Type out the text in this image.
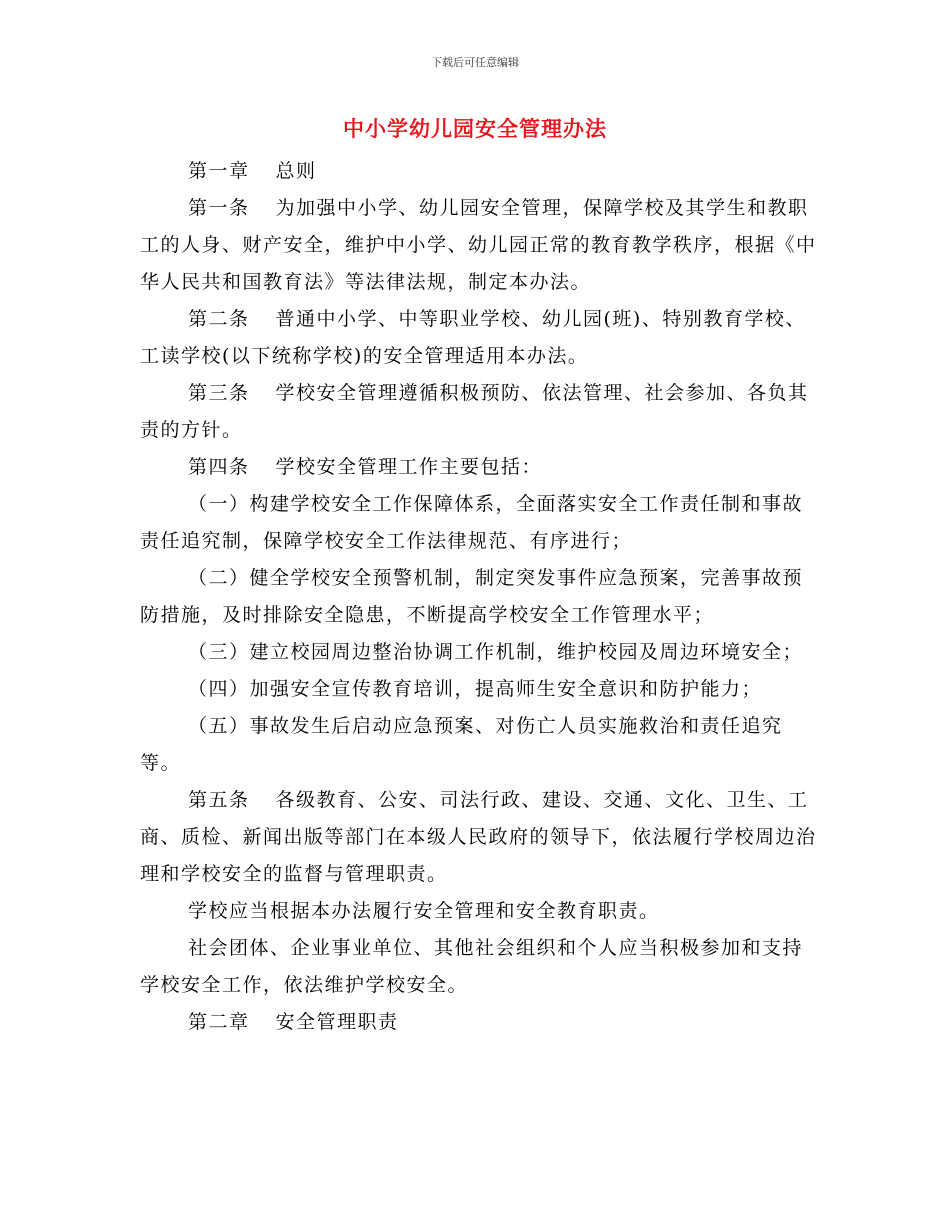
下载后可任意编辑
中小学幼儿园安全管理办法

第一章 总则

第一条 为加强中小学、幼儿园安全管理，保障学校及其学生和教职工的人身、财产安全，维护中小学、幼儿园正常的教育教学秩序，根据《中华人民共和国教育法》等法律法规，制定本办法。

第二条 普通中小学、中等职业学校、幼儿园(班)、特别教育学校、工读学校(以下统称学校)的安全管理适用本办法。

第三条 学校安全管理遵循积极预防、依法管理、社会参加、各负其责的方针。

第四条 学校安全管理工作主要包括：

（一）构建学校安全工作保障体系，全面落实安全工作责任制和事故责任追究制，保障学校安全工作法律规范、有序进行；

（二）健全学校安全预警机制，制定突发事件应急预案，完善事故预防措施，及时排除安全隐患，不断提高学校安全工作管理水平；

（三）建立校园周边整治协调工作机制，维护校园及周边环境安全；

（四）加强安全宣传教育培训，提高师生安全意识和防护能力；

（五）事故发生后启动应急预案、对伤亡人员实施救治和责任追究等。

第五条 各级教育、公安、司法行政、建设、交通、文化、卫生、工商、质检、新闻出版等部门在本级人民政府的领导下，依法履行学校周边治理和学校安全的监督与管理职责。

学校应当根据本办法履行安全管理和安全教育职责。

社会团体、企业事业单位、其他社会组织和个人应当积极参加和支持学校安全工作，依法维护学校安全。

第二章 安全管理职责
